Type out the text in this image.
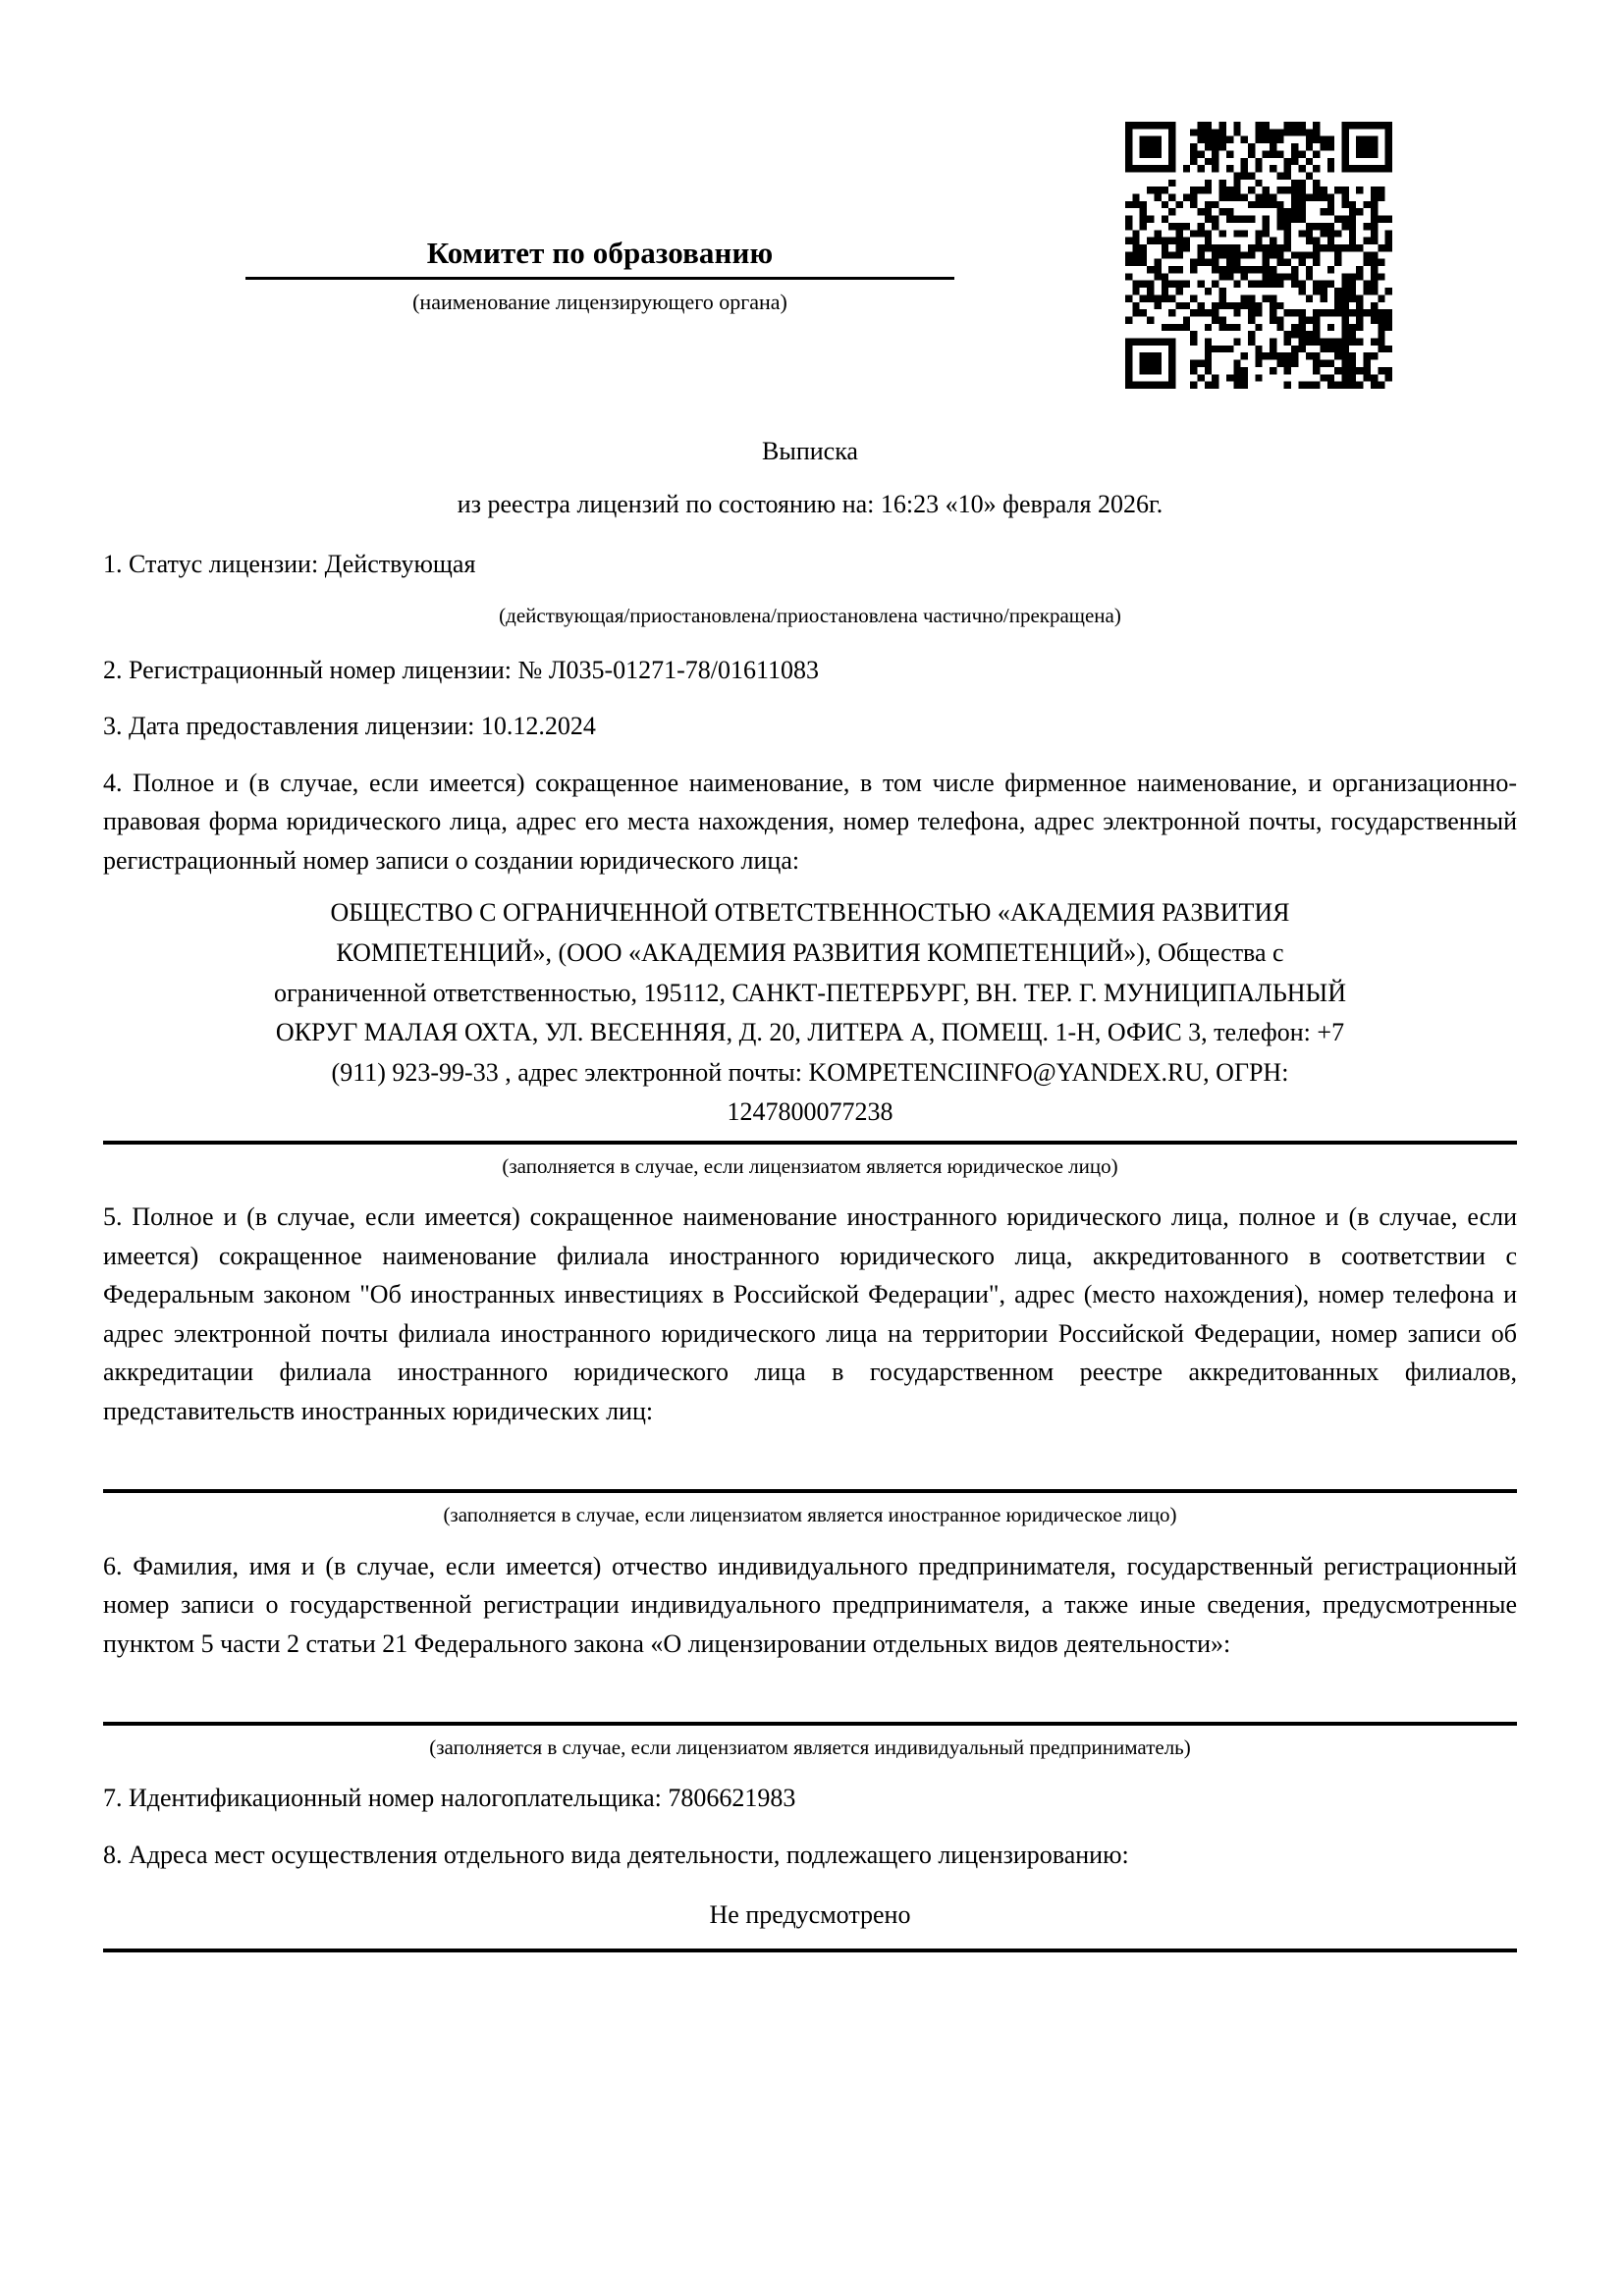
Комитет по образованию
(наименование лицензирующего органа)
Выписка
из реестра лицензий по состоянию на: 16:23 «10» февраля 2026г.
1. Статус лицензии: Действующая
(действующая/приостановлена/приостановлена частично/прекращена)
2. Регистрационный номер лицензии: № Л035-01271-78/01611083
3. Дата предоставления лицензии: 10.12.2024
4. Полное и (в случае, если имеется) сокращенное наименование, в том числе фирменное наименование, и организационно-правовая форма юридического лица, адрес его места нахождения, номер телефона, адрес электронной почты, государственный регистрационный номер записи о создании юридического лица:
ОБЩЕСТВО С ОГРАНИЧЕННОЙ ОТВЕТСТВЕННОСТЬЮ «АКАДЕМИЯ РАЗВИТИЯ
КОМПЕТЕНЦИЙ», (ООО «АКАДЕМИЯ РАЗВИТИЯ КОМПЕТЕНЦИЙ»), Общества с
ограниченной ответственностью, 195112, САНКТ-ПЕТЕРБУРГ, ВН. ТЕР. Г. МУНИЦИПАЛЬНЫЙ
ОКРУГ МАЛАЯ ОХТА, УЛ. ВЕСЕННЯЯ, Д. 20, ЛИТЕРА А, ПОМЕЩ. 1-Н, ОФИС 3, телефон: +7
(911) 923-99-33 , адрес электронной почты: KOMPETENCIINFO@YANDEX.RU, ОГРН:
1247800077238
(заполняется в случае, если лицензиатом является юридическое лицо)
5. Полное и (в случае, если имеется) сокращенное наименование иностранного юридического лица, полное и (в случае, если имеется) сокращенное наименование филиала иностранного юридического лица, аккредитованного в соответствии с Федеральным законом "Об иностранных инвестициях в Российской Федерации", адрес (место нахождения), номер телефона и адрес электронной почты филиала иностранного юридического лица на территории Российской Федерации, номер записи об аккредитации филиала иностранного юридического лица в государственном реестре аккредитованных филиалов, представительств иностранных юридических лиц:
(заполняется в случае, если лицензиатом является иностранное юридическое лицо)
6. Фамилия, имя и (в случае, если имеется) отчество индивидуального предпринимателя, государственный регистрационный номер записи о государственной регистрации индивидуального предпринимателя, а также иные сведения, предусмотренные пунктом 5 части 2 статьи 21 Федерального закона «О лицензировании отдельных видов деятельности»:
(заполняется в случае, если лицензиатом является индивидуальный предприниматель)
7. Идентификационный номер налогоплательщика: 7806621983
8. Адреса мест осуществления отдельного вида деятельности, подлежащего лицензированию:
Не предусмотрено
